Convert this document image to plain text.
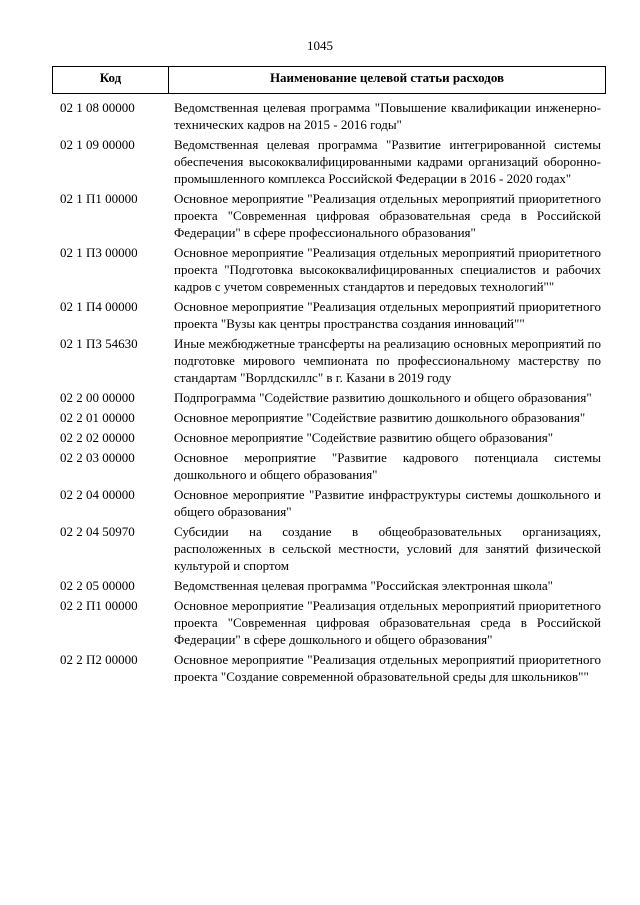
1045
Код	Наименование целевой статьи расходов
02 1 08 00000	Ведомственная целевая программа "Повышение квалификации инженерно-технических кадров на 2015 - 2016 годы"
02 1 09 00000	Ведомственная целевая программа "Развитие интегрированной системы обеспечения высококвалифицированными кадрами организаций оборонно-промышленного комплекса Российской Федерации в 2016 - 2020 годах"
02 1 П1 00000	Основное мероприятие "Реализация отдельных мероприятий приоритетного проекта "Современная цифровая образовательная среда в Российской Федерации" в сфере профессионального образования"
02 1 П3 00000	Основное мероприятие "Реализация отдельных мероприятий приоритетного проекта "Подготовка высококвалифицированных специалистов и рабочих кадров с учетом современных стандартов и передовых технологий""
02 1 П4 00000	Основное мероприятие "Реализация отдельных мероприятий приоритетного проекта "Вузы как центры пространства создания инноваций""
02 1 П3 54630	Иные межбюджетные трансферты на реализацию основных мероприятий по подготовке мирового чемпионата по профессиональному мастерству по стандартам "Ворлдскиллс" в г. Казани в 2019 году
02 2 00 00000	Подпрограмма "Содействие развитию дошкольного и общего образования"
02 2 01 00000	Основное мероприятие "Содействие развитию дошкольного образования"
02 2 02 00000	Основное мероприятие "Содействие развитию общего образования"
02 2 03 00000	Основное мероприятие "Развитие кадрового потенциала системы дошкольного и общего образования"
02 2 04 00000	Основное мероприятие "Развитие инфраструктуры системы дошкольного и общего образования"
02 2 04 50970	Субсидии на создание в общеобразовательных организациях, расположенных в сельской местности, условий для занятий физической культурой и спортом
02 2 05 00000	Ведомственная целевая программа "Российская электронная школа"
02 2 П1 00000	Основное мероприятие "Реализация отдельных мероприятий приоритетного проекта "Современная цифровая образовательная среда в Российской Федерации" в сфере дошкольного и общего образования"
02 2 П2 00000	Основное мероприятие "Реализация отдельных мероприятий приоритетного проекта "Создание современной образовательной среды для школьников""
